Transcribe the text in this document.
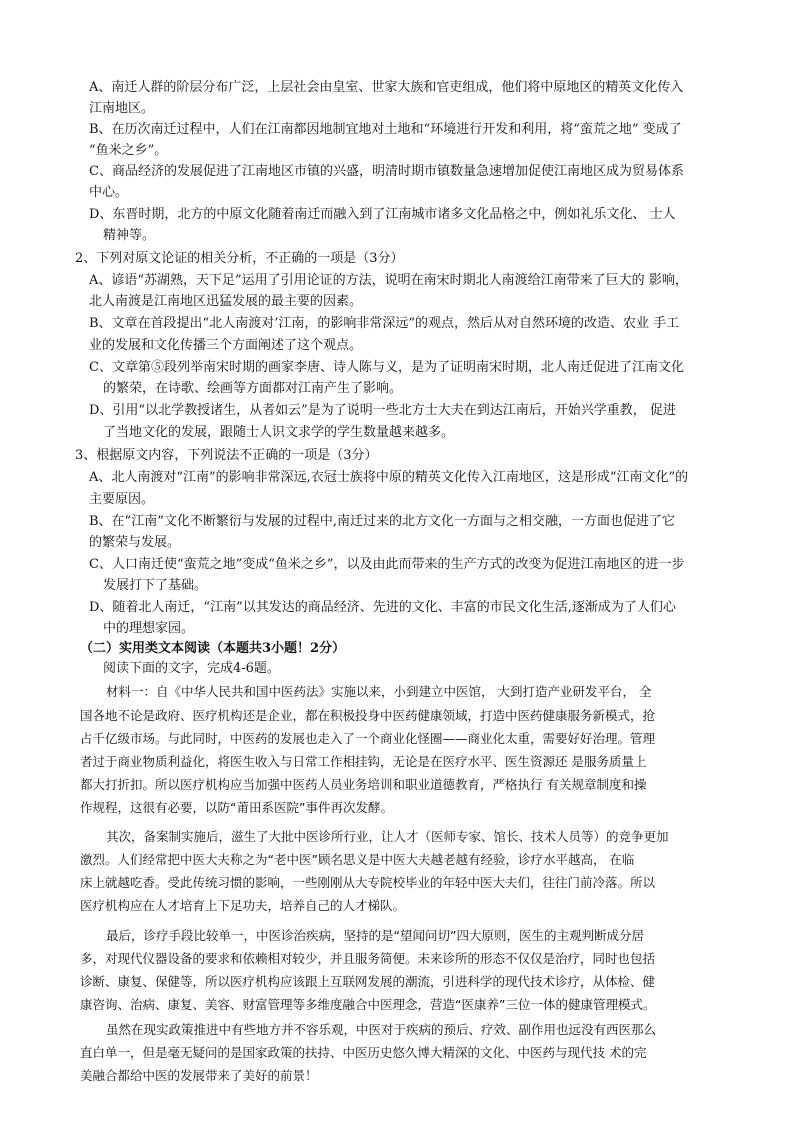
A、南迁人群的阶层分布广泛，上层社会由皇室、世家大族和官吏组成，他们将中原地区的精英文化传入
江南地区。
B、在历次南迁过程中，人们在江南都因地制宜地对土地和“环境进行开发和利用，将“蛮荒之地” 变成了
“鱼米之乡”。
C、商品经济的发展促进了江南地区市镇的兴盛，明清时期市镇数量急速增加促使江南地区成为贸易体系
中心。
D、东晋时期，北方的中原文化随着南迁而融入到了江南城市诸多文化品格之中，例如礼乐文化、 士人
精神等。
2、下列对原文论证的相关分析，不正确的一项是（3分）
A、谚语“苏湖熟，天下足”运用了引用论证的方法，说明在南宋时期北人南渡给江南带来了巨大的 影响，
北人南渡是江南地区迅猛发展的最主要的因素。
B、文章在首段提出“北人南渡对’江南，的影响非常深远”的观点，然后从对自然环境的改造、农业 手工
业的发展和文化传播三个方面阐述了这个观点。
C、文章第⑤段列举南宋时期的画家李唐、诗人陈与义，是为了证明南宋时期，北人南迁促进了江南文化
的繁荣，在诗歌、绘画等方面都对江南产生了影响。
D、引用“以北学教授诸生，从者如云”是为了说明一些北方士大夫在到达江南后，开始兴学重教， 促进
了当地文化的发展，跟随士人识文求学的学生数量越来越多。
3、根据原文内容，下列说法不正确的一项是（3分）
A、北人南渡对“江南”的影响非常深远,衣冠士族将中原的精英文化传入江南地区，这是形成“江南文化”的
主要原因。
B、在“江南”文化不断繁衍与发展的过程中,南迁过来的北方文化一方面与之相交融，一方面也促进了它
的繁荣与发展。
C、人口南迁使“蛮荒之地”变成“鱼米之乡”，以及由此而带来的生产方式的改变为促进江南地区的进一步
发展打下了基础。
D、随着北人南迁，“江南”以其发达的商品经济、先进的文化、丰富的市民文化生活,逐渐成为了人们心
中的理想家园。
（二）实用类文本阅读（本题共3小题！2分）
阅读下面的文字，完成4-6题。
材料一：自《中华人民共和国中医药法》实施以来，小到建立中医馆， 大到打造产业研发平台， 全
国各地不论是政府、医疗机构还是企业，都在积极投身中医药健康领域，打造中医药健康服务新模式，抢
占千亿级市场。与此同时，中医药的发展也走入了一个商业化怪圈——商业化太重，需要好好治理。管理
者过于商业物质利益化，将医生收入与日常工作相挂钩，无论是在医疗水平、医生资源还 是服务质量上
都大打折扣。所以医疗机构应当加强中医药人员业务培训和职业道德教育，严格执行 有关规章制度和操
作规程，这很有必要，以防“莆田系医院”事件再次发酵。
其次，备案制实施后，滋生了大批中医诊所行业，让人才（医师专家、馆长、技术人员等）的竞争更加
激烈。人们经常把中医大夫称之为“老中医”顾名思义是中医大夫越老越有经验，诊疗水平越高， 在临
床上就越吃香。受此传统习惯的影响，一些刚刚从大专院校毕业的年轻中医大夫们，往往门前冷落。所以
医疗机构应在人才培育上下足功夫，培养自己的人才梯队。
最后，诊疗手段比较单一，中医诊治疾病，坚持的是“望闻问切”四大原则，医生的主观判断成分居
多，对现代仪器设备的要求和依赖相对较少，并且服务简便。未来诊所的形态不仅仅是治疗，同时也包括
诊断、康复、保健等，所以医疗机构应该跟上互联网发展的潮流，引进科学的现代技术诊疗，从体检、健
康咨询、治病、康复、美容、财富管理等多维度融合中医理念，营造“医康养”三位一体的健康管理模式。
虽然在现实政策推进中有些地方并不容乐观，中医对于疾病的预后、疗效、副作用也远没有西医那么
直白单一，但是毫无疑问的是国家政策的扶持、中医历史悠久博大精深的文化、中医药与现代技 术的完
美融合都给中医的发展带来了美好的前景！
